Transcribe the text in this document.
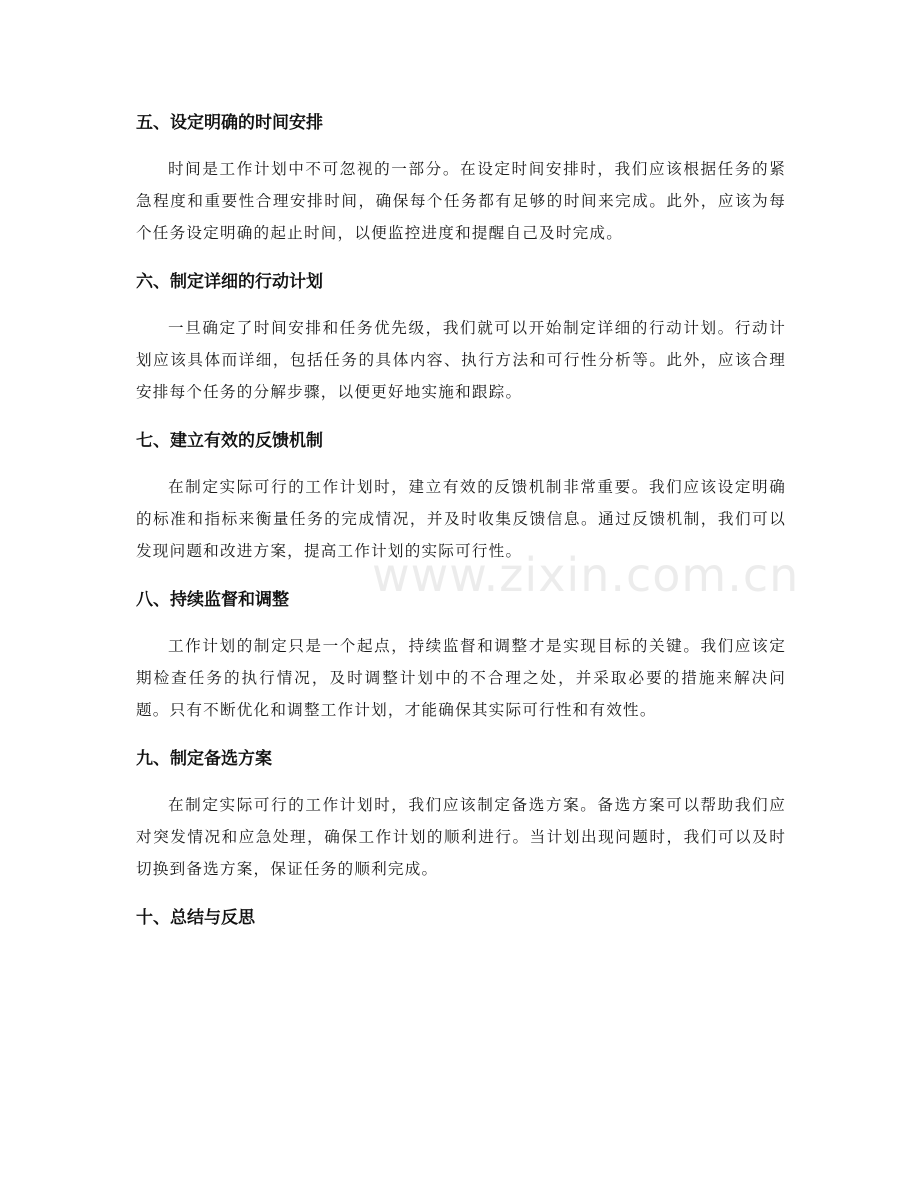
五、设定明确的时间安排

时间是工作计划中不可忽视的一部分。在设定时间安排时，我们应该根据任务的紧急程度和重要性合理安排时间，确保每个任务都有足够的时间来完成。此外，应该为每个任务设定明确的起止时间，以便监控进度和提醒自己及时完成。

六、制定详细的行动计划

一旦确定了时间安排和任务优先级，我们就可以开始制定详细的行动计划。行动计划应该具体而详细，包括任务的具体内容、执行方法和可行性分析等。此外，应该合理安排每个任务的分解步骤，以便更好地实施和跟踪。

七、建立有效的反馈机制

在制定实际可行的工作计划时，建立有效的反馈机制非常重要。我们应该设定明确的标准和指标来衡量任务的完成情况，并及时收集反馈信息。通过反馈机制，我们可以发现问题和改进方案，提高工作计划的实际可行性。

八、持续监督和调整

工作计划的制定只是一个起点，持续监督和调整才是实现目标的关键。我们应该定期检查任务的执行情况，及时调整计划中的不合理之处，并采取必要的措施来解决问题。只有不断优化和调整工作计划，才能确保其实际可行性和有效性。

九、制定备选方案

在制定实际可行的工作计划时，我们应该制定备选方案。备选方案可以帮助我们应对突发情况和应急处理，确保工作计划的顺利进行。当计划出现问题时，我们可以及时切换到备选方案，保证任务的顺利完成。

十、总结与反思
www.zixin.com.cn
